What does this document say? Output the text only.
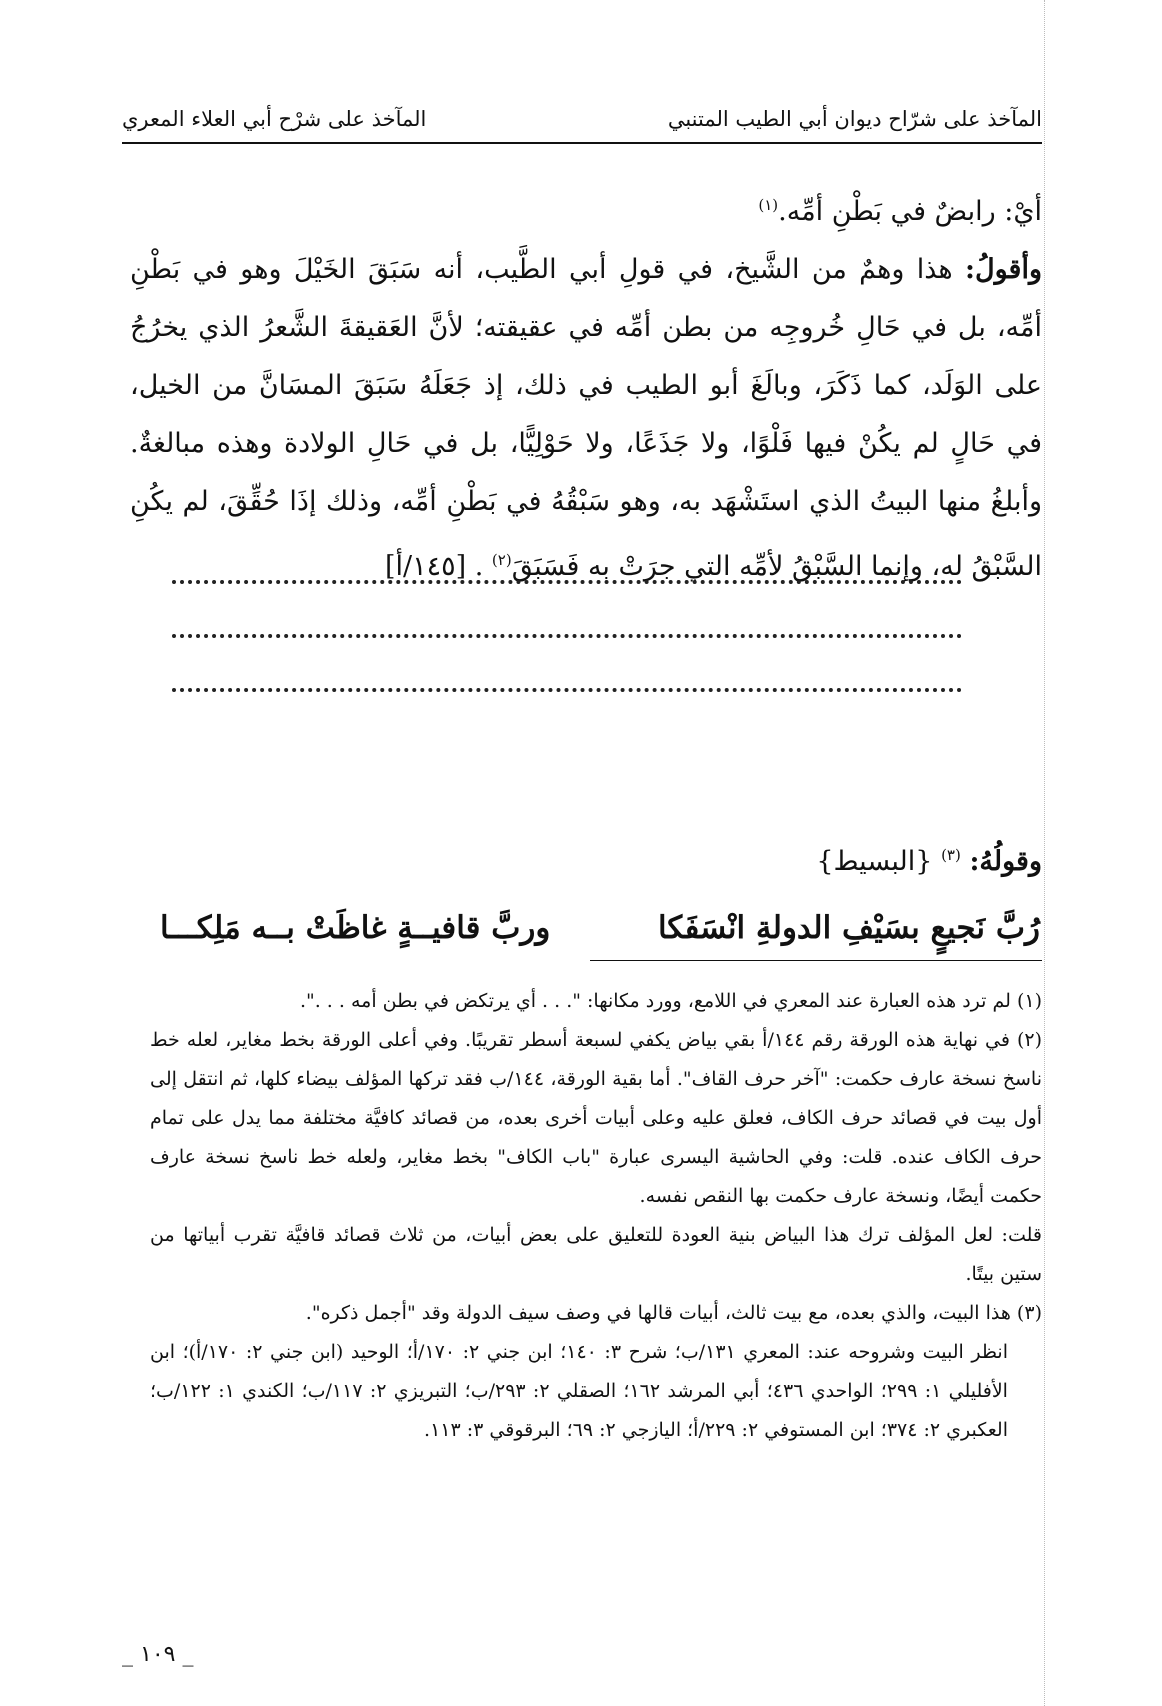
المآخذ على شرّاح ديوان أبي الطيب المتنبي
المآخذ على شرْح أبي العلاء المعري

أيْ: رابضٌ في بَطْنِ أمِّه.$^{(١)}$

وأقولُ: هذا وهمٌ من الشَّيخ، في قولِ أبي الطَّيب، أنه سَبَقَ الخَيْلَ وهو في بَطْنِ أمِّه، بل في حَالِ خُروجِه من بطن أمِّه في عقيقته؛ لأنَّ العَقيقةَ الشَّعرُ الذي يخرُجُ على الوَلَد، كما ذَكَرَ، وبالَغَ أبو الطيب في ذلك، إذ جَعَلَهُ سَبَقَ المسَانَّ من الخيل، في حَالٍ لم يكُنْ فيها فَلْوًا، ولا جَذَعًا، ولا حَوْلِيًّا، بل في حَالِ الولادة وهذه مبالغةٌ. وأبلغُ منها البيتُ الذي استَشْهَد به، وهو سَبْقُهُ في بَطْنِ أمِّه، وذلك إذَا حُقِّقَ، لم يكُنِ السَّبْقُ له، وإنما السَّبْقُ لأمِّه التي جرَتْ به فَسَبَقَ$^{(٢)}$ . [١٤٥/أ]

وقولُهُ: $^{(٣)}$ {البسيط}
رُبَّ نَجيعٍ بسَيْفِ الدولةِ انْسَفَكا
وربَّ قافيــةٍ غاظَتْ بــه مَلِكـــا

(١) لم ترد هذه العبارة عند المعري في اللامع، وورد مكانها: ". . . أي يرتكض في بطن أمه . . .".

(٢) في نهاية هذه الورقة رقم ١٤٤/أ بقي بياض يكفي لسبعة أسطر تقريبًا. وفي أعلى الورقة بخط مغاير، لعله خط ناسخ نسخة عارف حكمت: "آخر حرف القاف". أما بقية الورقة، ١٤٤/ب فقد تركها المؤلف بيضاء كلها، ثم انتقل إلى أول بيت في قصائد حرف الكاف، فعلق عليه وعلى أبيات أخرى بعده، من قصائد كافيَّة مختلفة مما يدل على تمام حرف الكاف عنده. قلت: وفي الحاشية اليسرى عبارة "باب الكاف" بخط مغاير، ولعله خط ناسخ نسخة عارف حكمت أيضًا، ونسخة عارف حكمت بها النقص نفسه.

قلت: لعل المؤلف ترك هذا البياض بنية العودة للتعليق على بعض أبيات، من ثلاث قصائد قافيَّة تقرب أبياتها من ستين بيتًا.

(٣) هذا البيت، والذي بعده، مع بيت ثالث، أبيات قالها في وصف سيف الدولة وقد "أجمل ذكره".

انظر البيت وشروحه عند: المعري ١٣١/ب؛ شرح ٣: ١٤٠؛ ابن جني ٢: ١٧٠/أ؛ الوحيد (ابن جني ٢: ١٧٠/أ)؛ ابن الأفليلي ١: ٢٩٩؛ الواحدي ٤٣٦؛ أبي المرشد ١٦٢؛ الصقلي ٢: ٢٩٣/ب؛ التبريزي ٢: ١١٧/ب؛ الكندي ١: ١٢٢/ب؛ العكبري ٢: ٣٧٤؛ ابن المستوفي ٢: ٢٢٩/أ؛ اليازجي ٢: ٦٩؛ البرقوقي ٣: ١١٣.

_ ١٠٩ _
